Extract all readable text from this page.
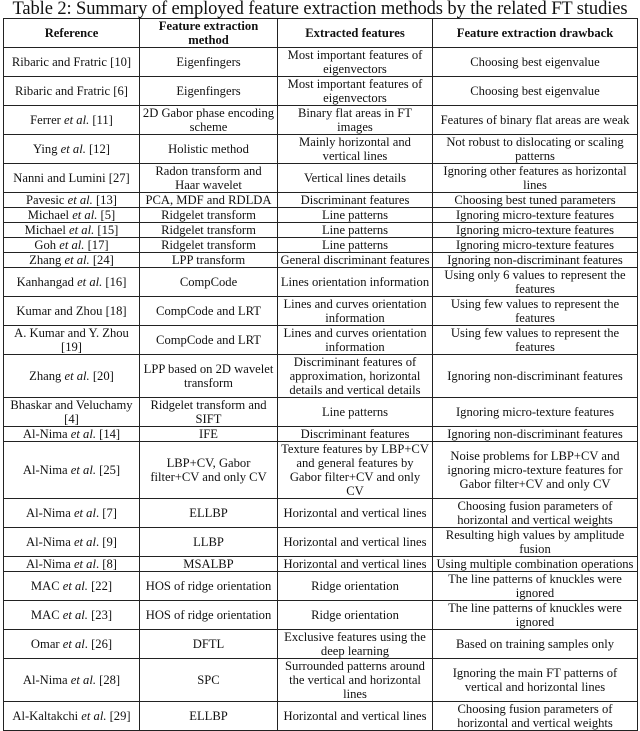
Table 2: Summary of employed feature extraction methods by the related FT studies
Reference	Feature extraction method	Extracted features	Feature extraction drawback
Ribaric and Fratric [10]	Eigenfingers	Most important features of eigenvectors	Choosing best eigenvalue
Ribaric and Fratric [6]	Eigenfingers	Most important features of eigenvectors	Choosing best eigenvalue
Ferrer et al. [11]	2D Gabor phase encoding scheme	Binary flat areas in FT images	Features of binary flat areas are weak
Ying et al. [12]	Holistic method	Mainly horizontal and vertical lines	Not robust to dislocating or scaling patterns
Nanni and Lumini [27]	Radon transform and Haar wavelet	Vertical lines details	Ignoring other features as horizontal lines
Pavesic et al. [13]	PCA, MDF and RDLDA	Discriminant features	Choosing best tuned parameters
Michael et al. [5]	Ridgelet transform	Line patterns	Ignoring micro-texture features
Michael et al. [15]	Ridgelet transform	Line patterns	Ignoring micro-texture features
Goh et al. [17]	Ridgelet transform	Line patterns	Ignoring micro-texture features
Zhang et al. [24]	LPP transform	General discriminant features	Ignoring non-discriminant features
Kanhangad et al. [16]	CompCode	Lines orientation information	Using only 6 values to represent the features
Kumar and Zhou [18]	CompCode and LRT	Lines and curves orientation information	Using few values to represent the features
A. Kumar and Y. Zhou [19]	CompCode and LRT	Lines and curves orientation information	Using few values to represent the features
Zhang et al. [20]	LPP based on 2D wavelet transform	Discriminant features of approximation, horizontal details and vertical details	Ignoring non-discriminant features
Bhaskar and Veluchamy [4]	Ridgelet transform and SIFT	Line patterns	Ignoring micro-texture features
Al-Nima et al. [14]	IFE	Discriminant features	Ignoring non-discriminant features
Al-Nima et al. [25]	LBP+CV, Gabor filter+CV and only CV	Texture features by LBP+CV and general features by Gabor filter+CV and only CV	Noise problems for LBP+CV and ignoring micro-texture features for Gabor filter+CV and only CV
Al-Nima et al. [7]	ELLBP	Horizontal and vertical lines	Choosing fusion parameters of horizontal and vertical weights
Al-Nima et al. [9]	LLBP	Horizontal and vertical lines	Resulting high values by amplitude fusion
Al-Nima et al. [8]	MSALBP	Horizontal and vertical lines	Using multiple combination operations
MAC et al. [22]	HOS of ridge orientation	Ridge orientation	The line patterns of knuckles were ignored
MAC et al. [23]	HOS of ridge orientation	Ridge orientation	The line patterns of knuckles were ignored
Omar et al. [26]	DFTL	Exclusive features using the deep learning	Based on training samples only
Al-Nima et al. [28]	SPC	Surrounded patterns around the vertical and horizontal lines	Ignoring the main FT patterns of vertical and horizontal lines
Al-Kaltakchi et al. [29]	ELLBP	Horizontal and vertical lines	Choosing fusion parameters of horizontal and vertical weights
